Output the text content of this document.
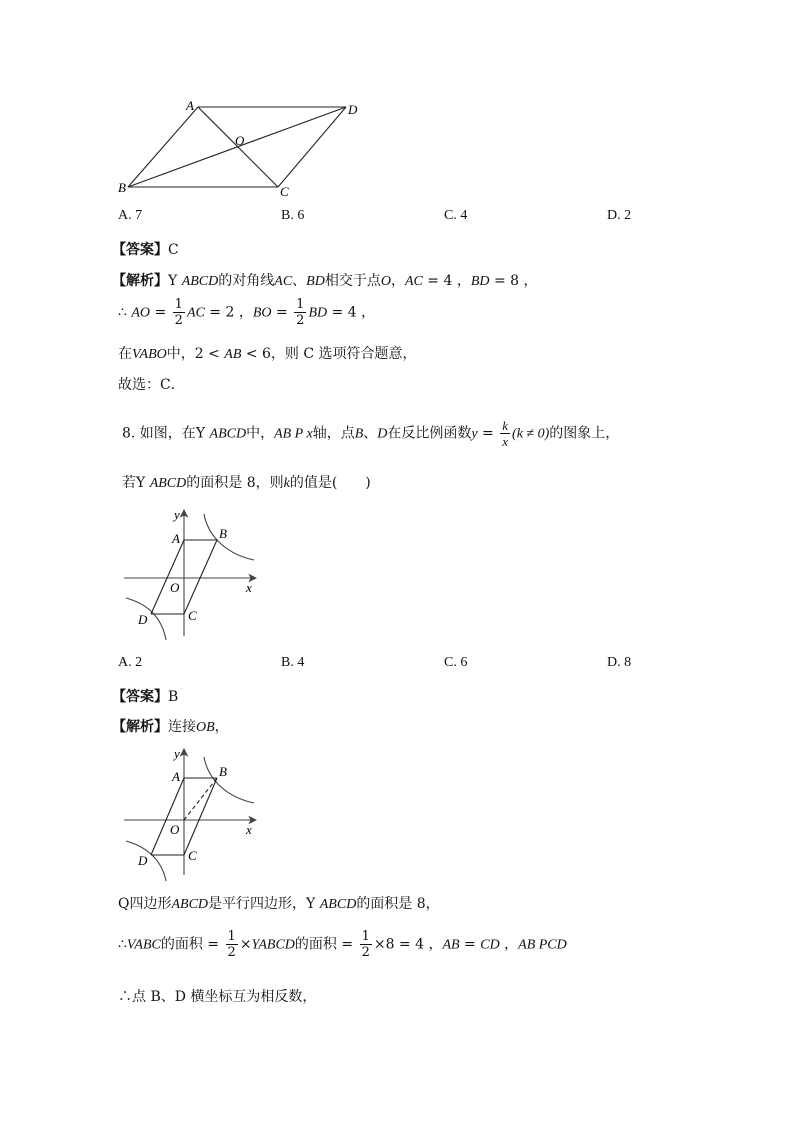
A	D
O
B	C
A. 7	B. 6	C. 4	D. 2
【答案】C
【解析】Y ABCD的对角线AC、BD相交于点O，AC = 4 ，BD = 8 ，
∴ AO = $\frac{1}{2}$ AC = 2 ，BO = $\frac{1}{2}$ BD = 4 ，
在VABO中，2 < AB < 6，则 C 选项符合题意，
故选：C．
8. 如图，在Y ABCD中，AB P x轴，点B、D在反比例函数$y = \frac{k}{x} (k \ne 0)$的图象上，
若Y ABCD的面积是 8，则k的值是(　　)
y
x
A	B
O
C
D
A. 2	B. 4	C. 6	D. 8
【答案】B
【解析】连接OB，
y
x
A	B
O
C
D
Q四边形ABCD是平行四边形，Y ABCD的面积是 8，
∴VABC的面积 = $\frac{1}{2}$ ×YABCD的面积 = $\frac{1}{2} \times 8 = 4$ ，AB = CD ，AB PCD
∴点 B、D 横坐标互为相反数，
